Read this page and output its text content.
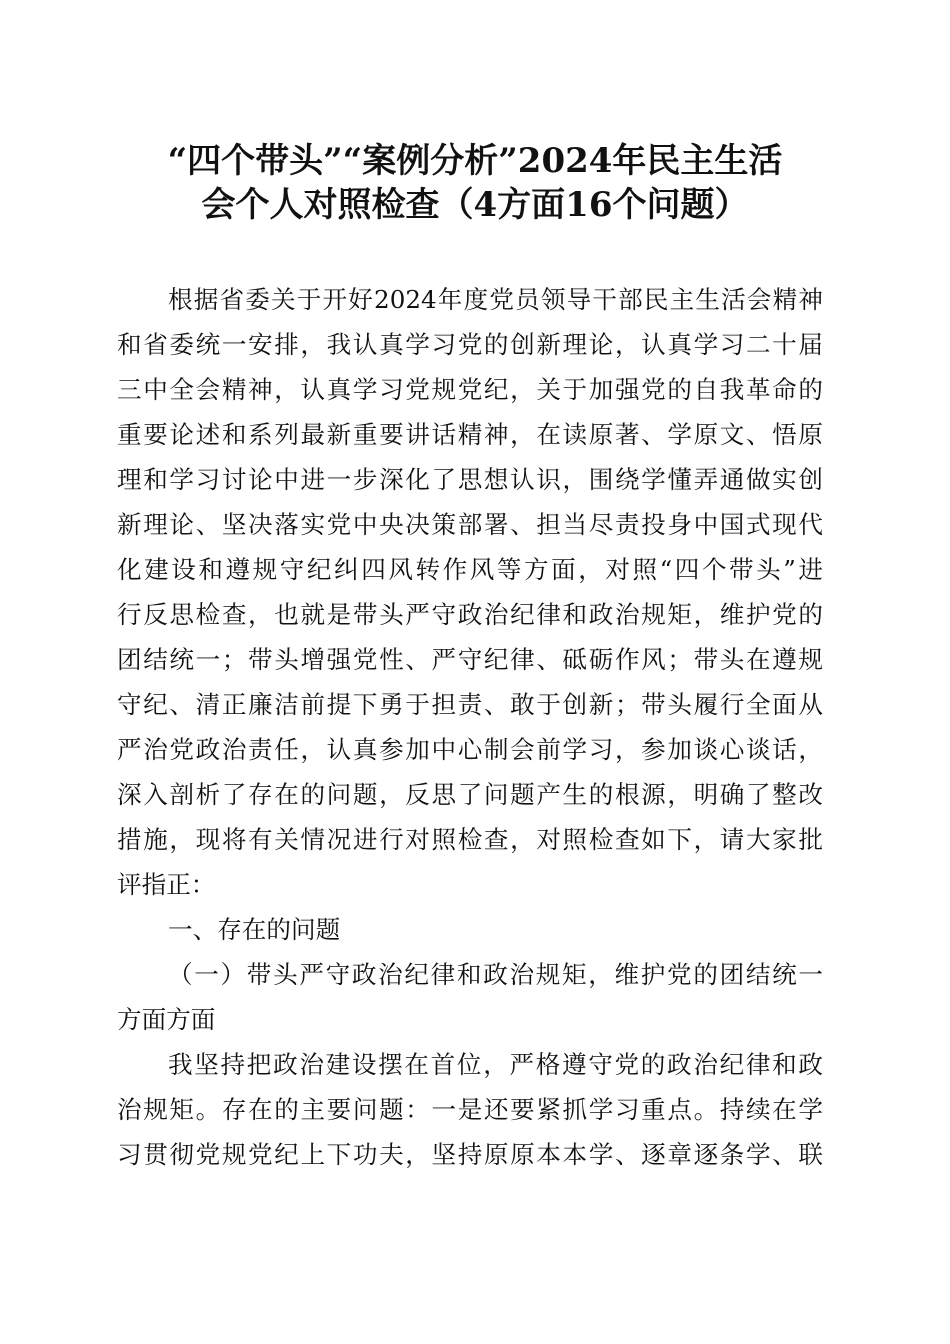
“四个带头”“案例分析”2024年民主生活
会个人对照检查（4方面16个问题）
根据省委关于开好2024年度党员领导干部民主生活会精神
和省委统一安排，我认真学习党的创新理论，认真学习二十届
三中全会精神，认真学习党规党纪，关于加强党的自我革命的
重要论述和系列最新重要讲话精神，在读原著、学原文、悟原
理和学习讨论中进一步深化了思想认识，围绕学懂弄通做实创
新理论、坚决落实党中央决策部署、担当尽责投身中国式现代
化建设和遵规守纪纠四风转作风等方面，对照“四个带头”进
行反思检查，也就是带头严守政治纪律和政治规矩，维护党的
团结统一；带头增强党性、严守纪律、砥砺作风；带头在遵规
守纪、清正廉洁前提下勇于担责、敢于创新；带头履行全面从
严治党政治责任，认真参加中心制会前学习，参加谈心谈话，
深入剖析了存在的问题，反思了问题产生的根源，明确了整改
措施，现将有关情况进行对照检查，对照检查如下，请大家批
评指正：
一、存在的问题
（一）带头严守政治纪律和政治规矩，维护党的团结统一
方面方面
我坚持把政治建设摆在首位，严格遵守党的政治纪律和政
治规矩。存在的主要问题：一是还要紧抓学习重点。持续在学
习贯彻党规党纪上下功夫，坚持原原本本学、逐章逐条学、联
